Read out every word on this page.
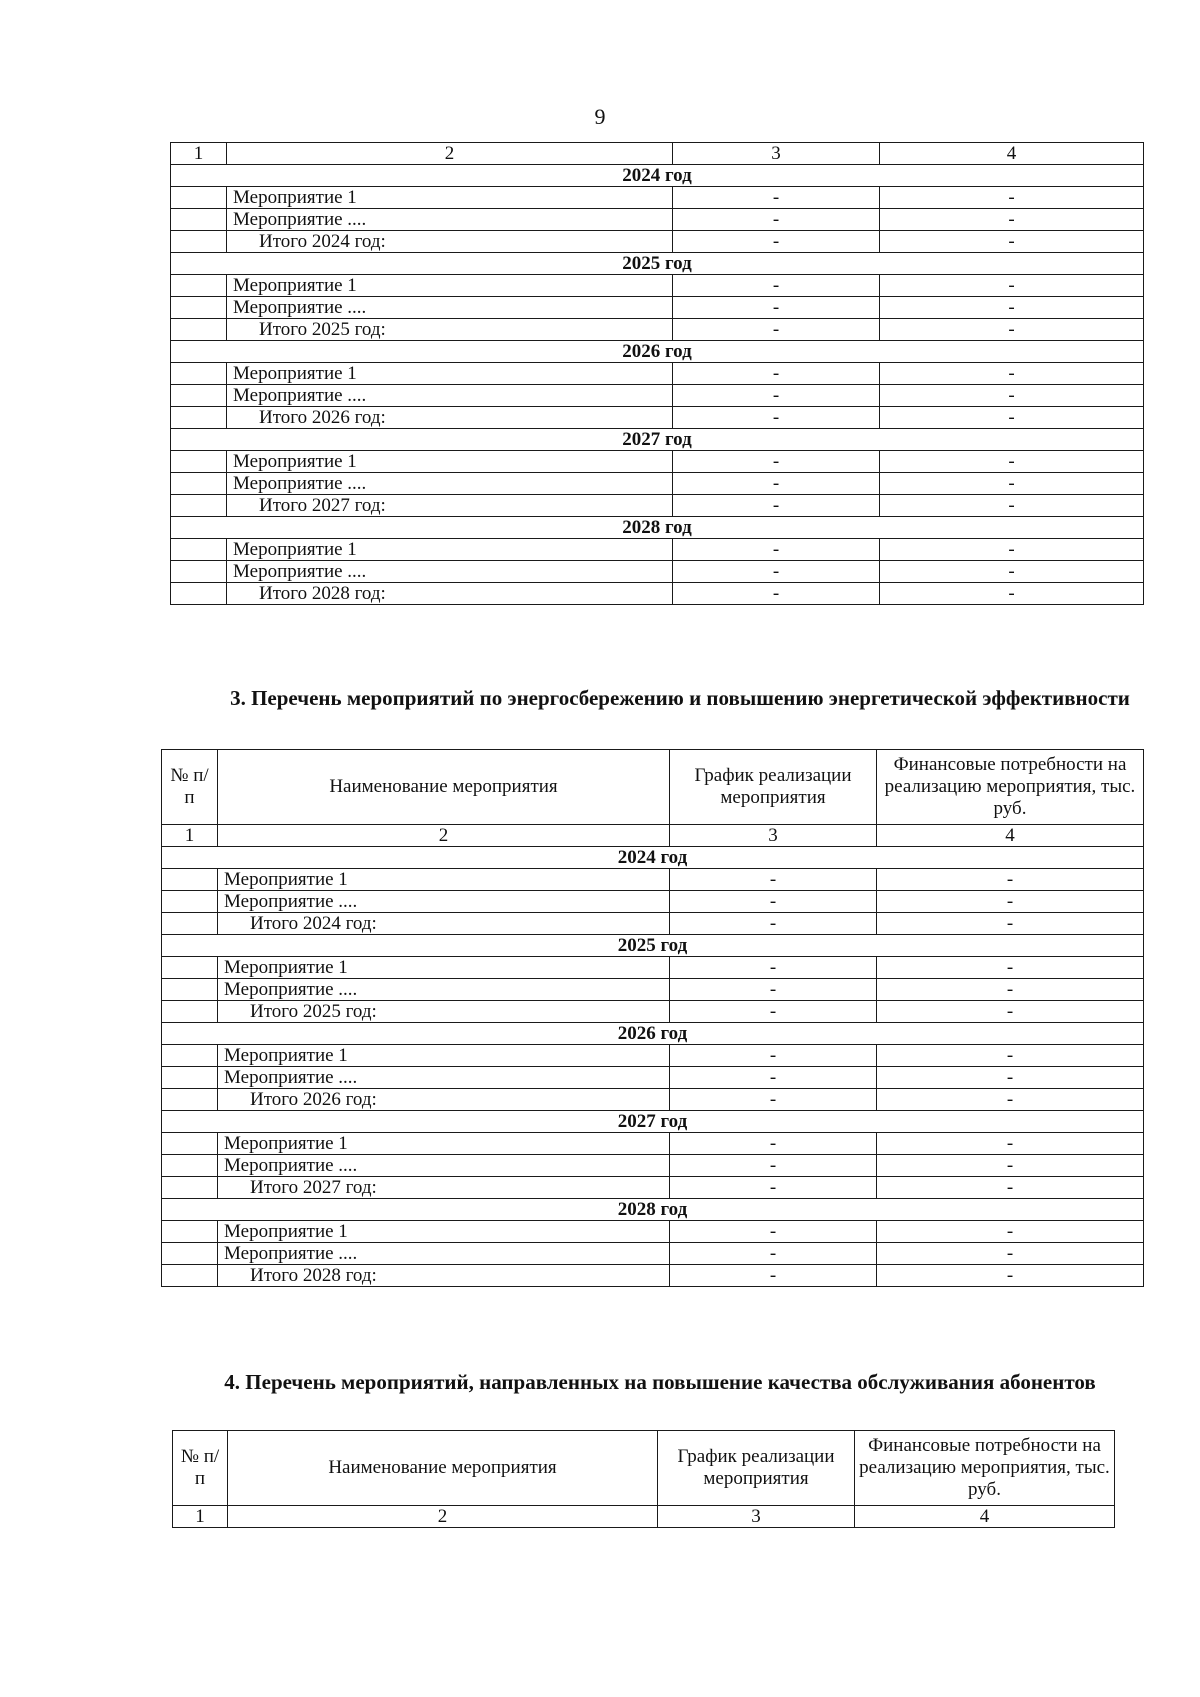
9
1	2	3	4
2024 год			
	Мероприятие 1	-	-
	Мероприятие ....	-	-
	Итого 2024 год:	-	-
2025 год			
	Мероприятие 1	-	-
	Мероприятие ....	-	-
	Итого 2025 год:	-	-
2026 год			
	Мероприятие 1	-	-
	Мероприятие ....	-	-
	Итого 2026 год:	-	-
2027 год			
	Мероприятие 1	-	-
	Мероприятие ....	-	-
	Итого 2027 год:	-	-
2028 год			
	Мероприятие 1	-	-
	Мероприятие ....	-	-
	Итого 2028 год:	-	-
3. Перечень мероприятий по энергосбережению и повышению энергетической эффективности
№ п/п	Наименование мероприятия	График реализации мероприятия	Финансовые потребности на реализацию мероприятия, тыс. руб.
1	2	3	4
2024 год			
	Мероприятие 1	-	-
	Мероприятие ....	-	-
	Итого 2024 год:	-	-
2025 год			
	Мероприятие 1	-	-
	Мероприятие ....	-	-
	Итого 2025 год:	-	-
2026 год			
	Мероприятие 1	-	-
	Мероприятие ....	-	-
	Итого 2026 год:	-	-
2027 год			
	Мероприятие 1	-	-
	Мероприятие ....	-	-
	Итого 2027 год:	-	-
2028 год			
	Мероприятие 1	-	-
	Мероприятие ....	-	-
	Итого 2028 год:	-	-
4. Перечень мероприятий, направленных на повышение качества обслуживания абонентов
№ п/п	Наименование мероприятия	График реализации мероприятия	Финансовые потребности на реализацию мероприятия, тыс. руб.
1	2	3	4
